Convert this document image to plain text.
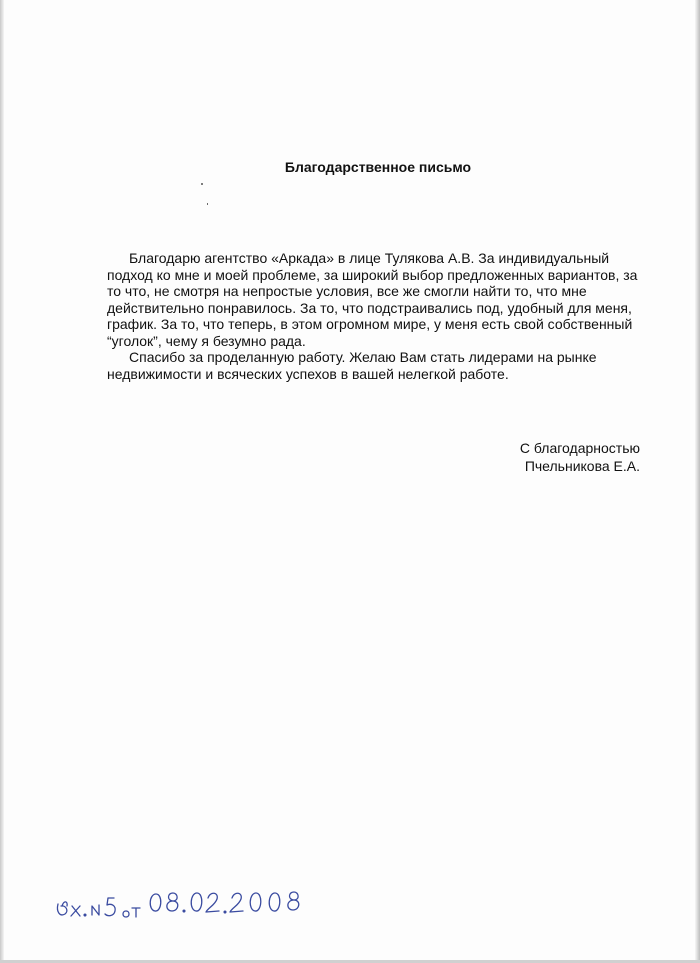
Благодарственное письмо

Благодарю агентство «Аркада» в лице Тулякова А.В. За индивидуальный подход ко мне и моей проблеме, за широкий выбор предложенных вариантов, за то что, не смотря на непростые условия, все же смогли найти то, что мне действительно понравилось. За то, что подстраивались под, удобный для меня, график. За то, что теперь, в этом огромном мире, у меня есть свой собственный “уголок”, чему я безумно рада.

Спасибо за проделанную работу. Желаю Вам стать лидерами на рынке недвижимости и всяческих успехов в вашей нелегкой работе.

С благодарностью
Пчельникова Е.А.
